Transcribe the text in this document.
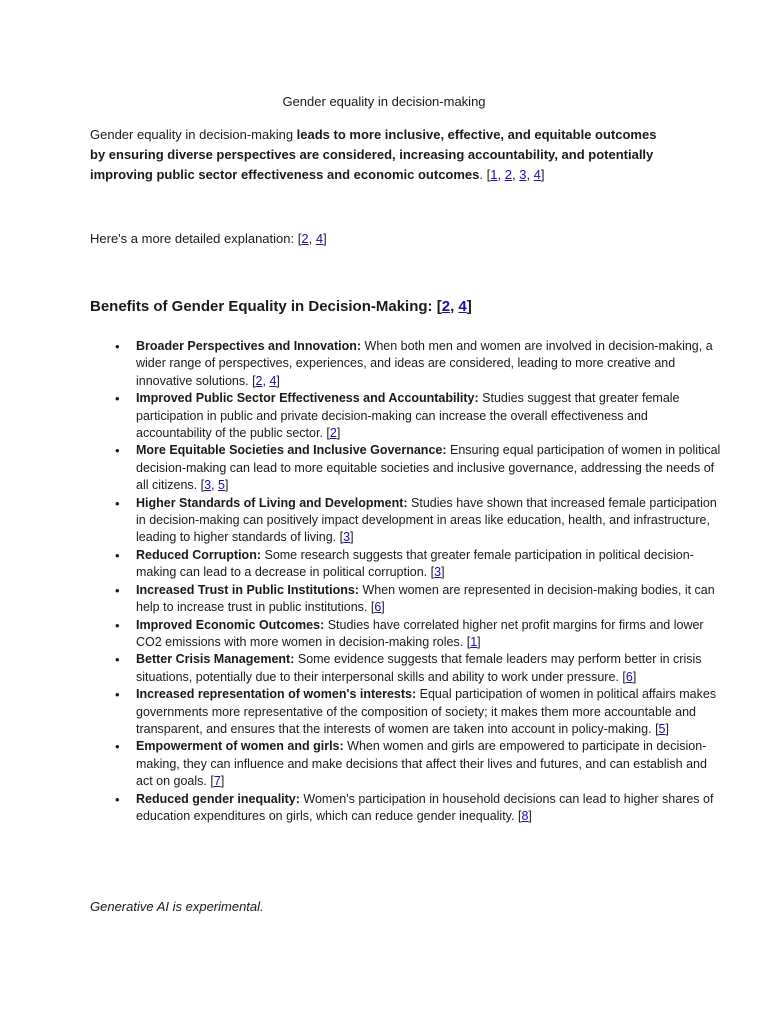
Gender equality in decision-making
Gender equality in decision-making leads to more inclusive, effective, and equitable outcomes by ensuring diverse perspectives are considered, increasing accountability, and potentially improving public sector effectiveness and economic outcomes. [1, 2, 3, 4]
Here's a more detailed explanation: [2, 4]
Benefits of Gender Equality in Decision-Making: [2, 4]
• Broader Perspectives and Innovation: When both men and women are involved in decision-making, a wider range of perspectives, experiences, and ideas are considered, leading to more creative and innovative solutions. [2, 4]
• Improved Public Sector Effectiveness and Accountability: Studies suggest that greater female participation in public and private decision-making can increase the overall effectiveness and accountability of the public sector. [2]
• More Equitable Societies and Inclusive Governance: Ensuring equal participation of women in political decision-making can lead to more equitable societies and inclusive governance, addressing the needs of all citizens. [3, 5]
• Higher Standards of Living and Development: Studies have shown that increased female participation in decision-making can positively impact development in areas like education, health, and infrastructure, leading to higher standards of living. [3]
• Reduced Corruption: Some research suggests that greater female participation in political decision-making can lead to a decrease in political corruption. [3]
• Increased Trust in Public Institutions: When women are represented in decision-making bodies, it can help to increase trust in public institutions. [6]
• Improved Economic Outcomes: Studies have correlated higher net profit margins for firms and lower CO2 emissions with more women in decision-making roles. [1]
• Better Crisis Management: Some evidence suggests that female leaders may perform better in crisis situations, potentially due to their interpersonal skills and ability to work under pressure. [6]
• Increased representation of women's interests: Equal participation of women in political affairs makes governments more representative of the composition of society; it makes them more accountable and transparent, and ensures that the interests of women are taken into account in policy-making. [5]
• Empowerment of women and girls: When women and girls are empowered to participate in decision-making, they can influence and make decisions that affect their lives and futures, and can establish and act on goals. [7]
• Reduced gender inequality: Women's participation in household decisions can lead to higher shares of education expenditures on girls, which can reduce gender inequality. [8]
Generative AI is experimental.
